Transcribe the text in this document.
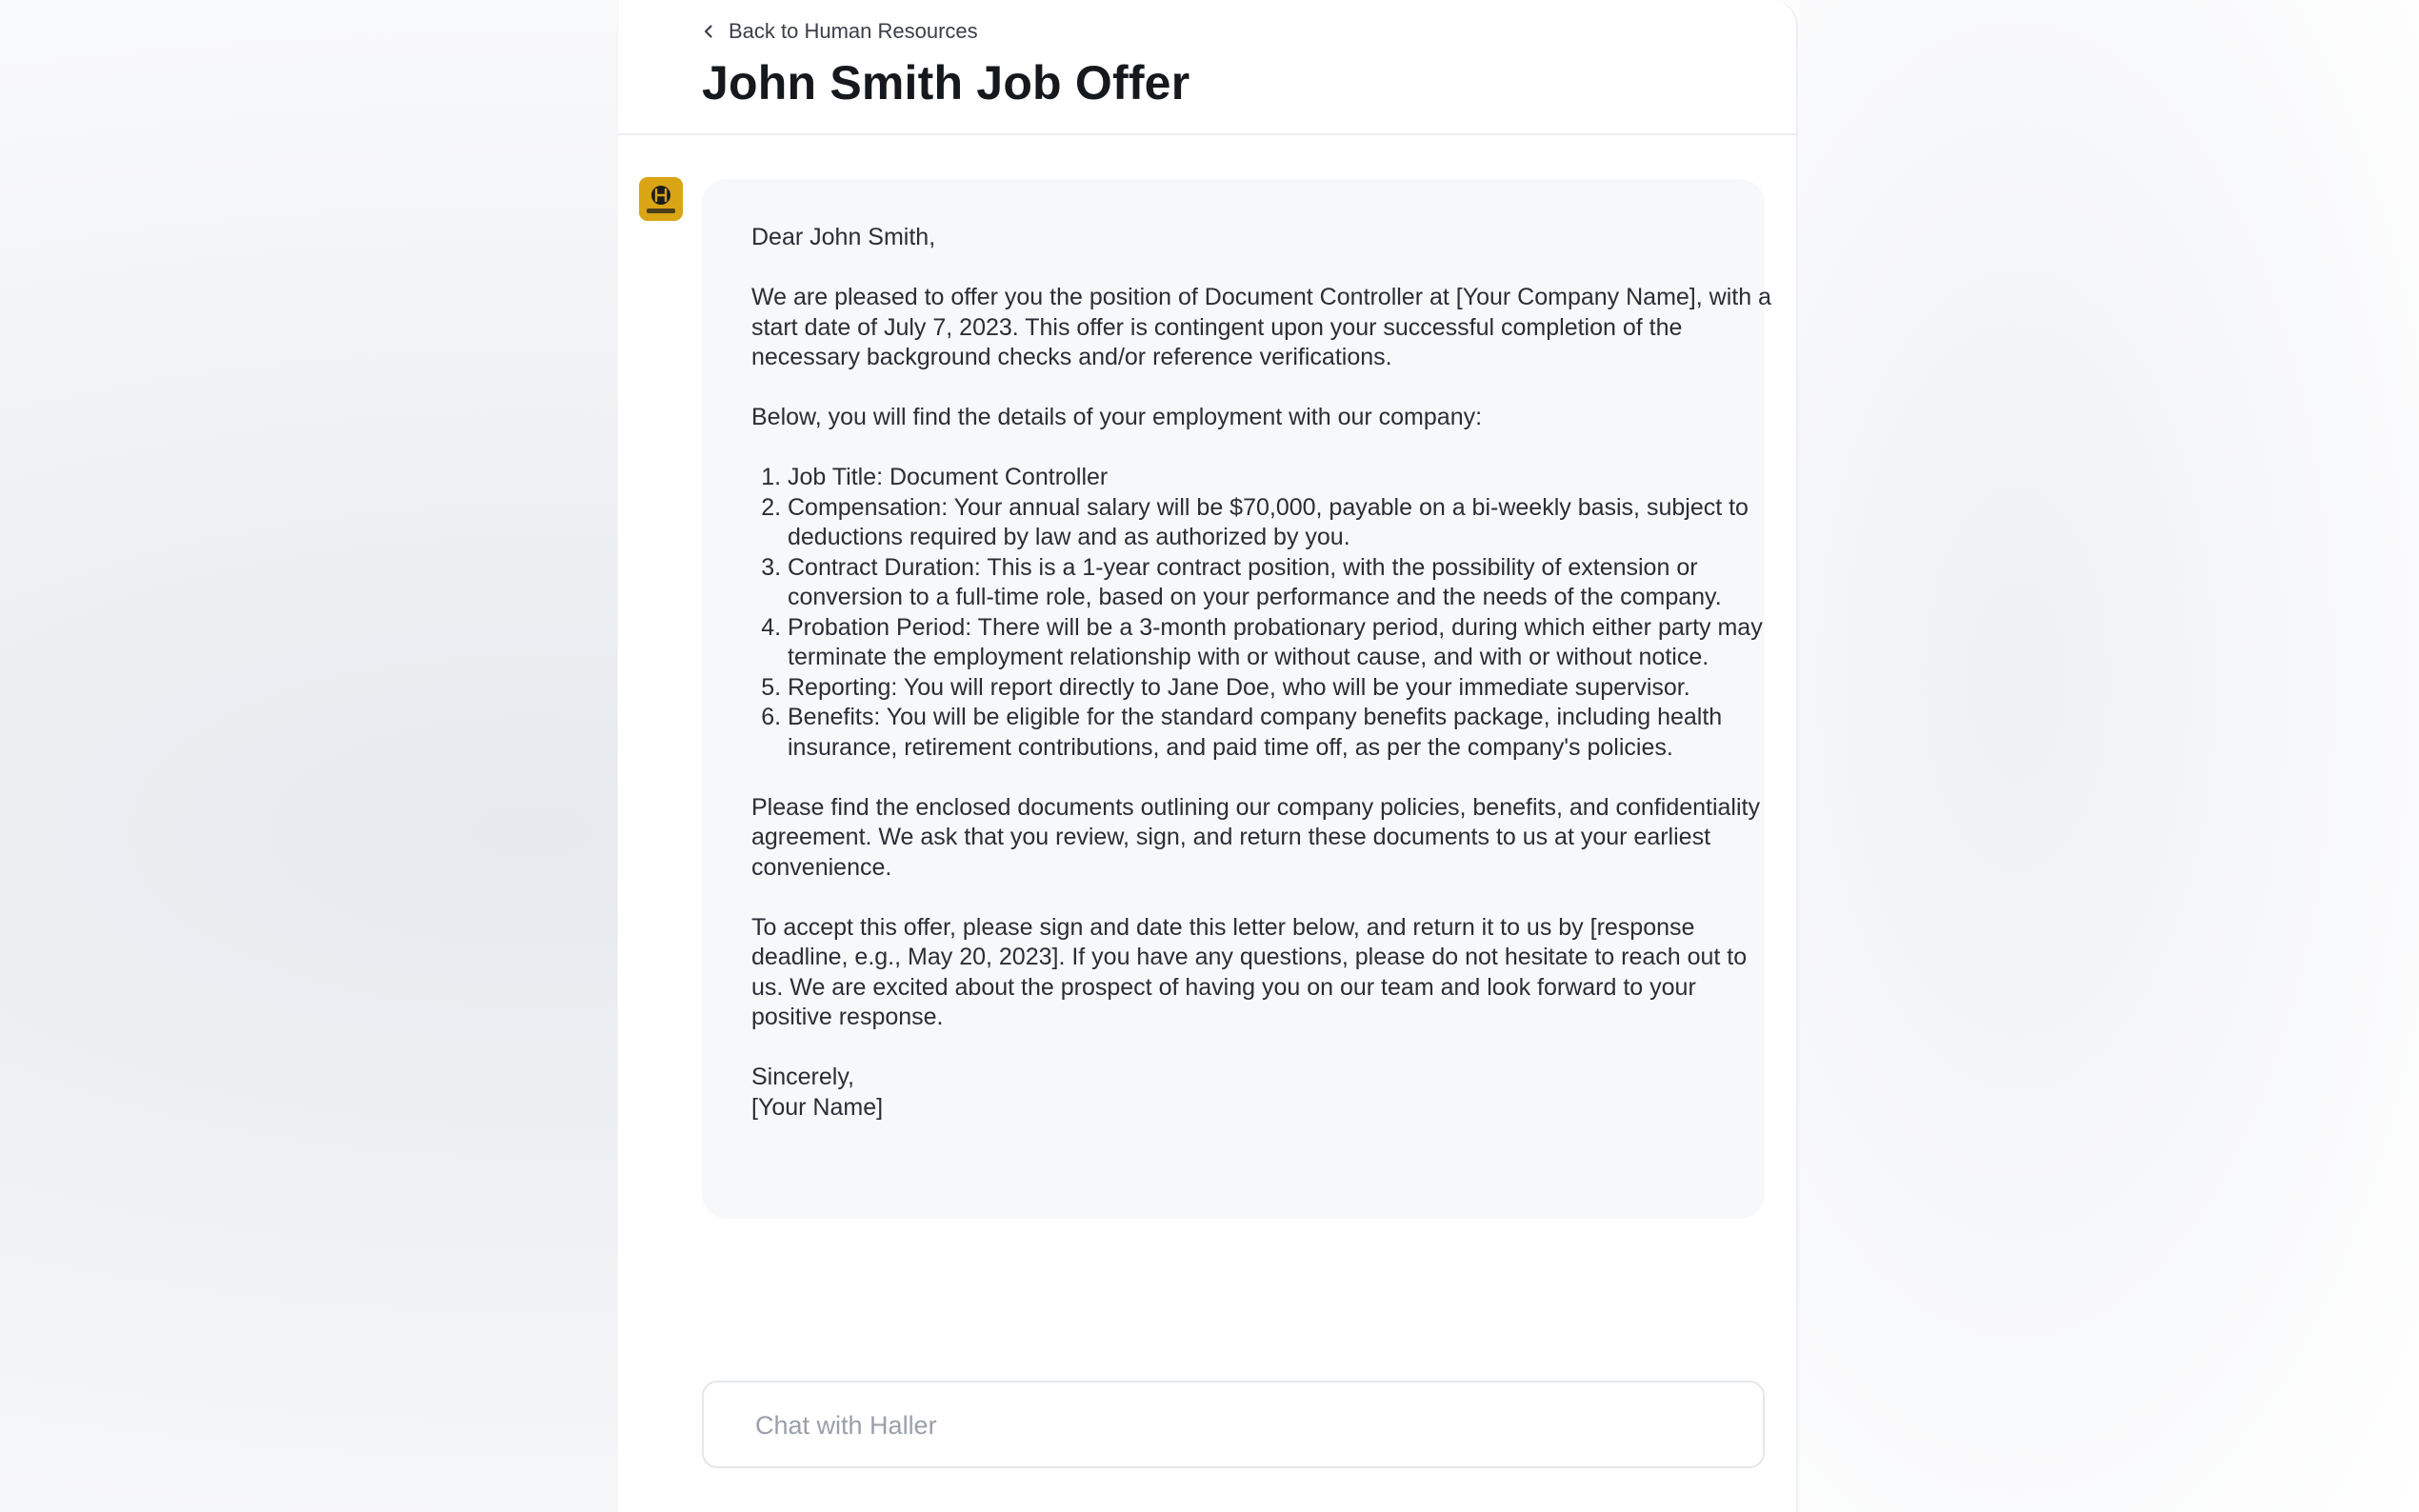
Back to Human Resources
John Smith Job Offer

Dear John Smith,

We are pleased to offer you the position of Document Controller at [Your Company Name], with a start date of July 7, 2023. This offer is contingent upon your successful completion of the necessary background checks and/or reference verifications.

Below, you will find the details of your employment with our company:

1. Job Title: Document Controller
2. Compensation: Your annual salary will be $70,000, payable on a bi-weekly basis, subject to deductions required by law and as authorized by you.
3. Contract Duration: This is a 1-year contract position, with the possibility of extension or conversion to a full-time role, based on your performance and the needs of the company.
4. Probation Period: There will be a 3-month probationary period, during which either party may terminate the employment relationship with or without cause, and with or without notice.
5. Reporting: You will report directly to Jane Doe, who will be your immediate supervisor.
6. Benefits: You will be eligible for the standard company benefits package, including health insurance, retirement contributions, and paid time off, as per the company's policies.

Please find the enclosed documents outlining our company policies, benefits, and confidentiality agreement. We ask that you review, sign, and return these documents to us at your earliest convenience.

To accept this offer, please sign and date this letter below, and return it to us by [response deadline, e.g., May 20, 2023]. If you have any questions, please do not hesitate to reach out to us. We are excited about the prospect of having you on our team and look forward to your positive response.

Sincerely,
[Your Name]
Chat with Haller
